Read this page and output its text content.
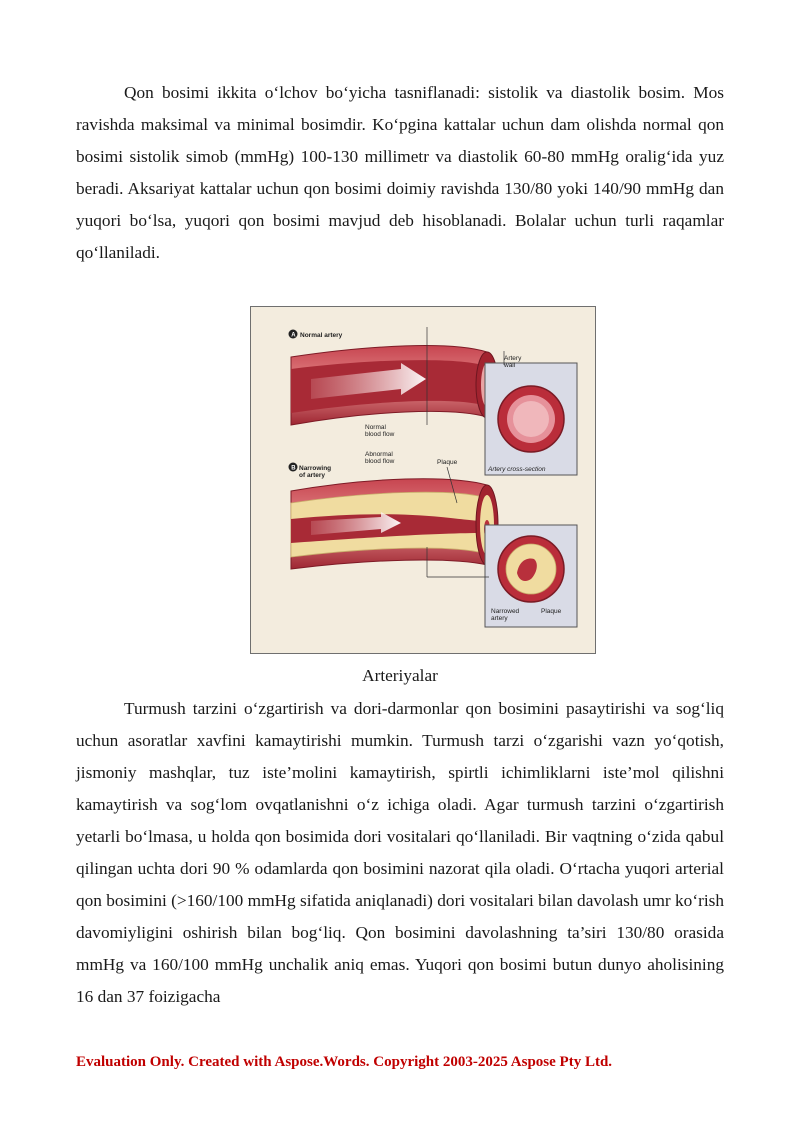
Qon bosimi ikkita o‘lchov bo‘yicha tasniflanadi: sistolik va diastolik bosim. Mos ravishda maksimal va minimal bosimdir. Ko‘pgina kattalar uchun dam olishda normal qon bosimi sistolik simob (mmHg) 100-130 millimetr va diastolik 60-80 mmHg oralig‘ida yuz beradi. Aksariyat kattalar uchun qon bosimi doimiy ravishda 130/80 yoki 140/90 mmHg dan yuqori bo‘lsa, yuqori qon bosimi mavjud deb hisoblanadi. Bolalar uchun turli raqamlar qo‘llaniladi.

A Normal artery
Artery
wall
Normal
blood flow
Abnormal
blood flow	Plaque
Artery cross-section
B Narrowing
of artery
Narrowed
artery
Plaque
Arteriyalar

Turmush tarzini o‘zgartirish va dori-darmonlar qon bosimini pasaytirishi va sog‘liq uchun asoratlar xavfini kamaytirishi mumkin. Turmush tarzi o‘zgarishi vazn yo‘qotish, jismoniy mashqlar, tuz iste’molini kamaytirish, spirtli ichimliklarni iste’mol qilishni kamaytirish va sog‘lom ovqatlanishni o‘z ichiga oladi. Agar turmush tarzini o‘zgartirish yetarli bo‘lmasa, u holda qon bosimida dori vositalari qo‘llaniladi. Bir vaqtning o‘zida qabul qilingan uchta dori 90 % odamlarda qon bosimini nazorat qila oladi. O‘rtacha yuqori arterial qon bosimini (>160/100 mmHg sifatida aniqlanadi) dori vositalari bilan davolash umr ko‘rish davomiyligini oshirish bilan bog‘liq. Qon bosimini davolashning ta’siri 130/80 orasida mmHg va 160/100 mmHg unchalik aniq emas. Yuqori qon bosimi butun dunyo aholisining 16 dan 37 foizigacha

Evaluation Only. Created with Aspose.Words. Copyright 2003-2025 Aspose Pty Ltd.
